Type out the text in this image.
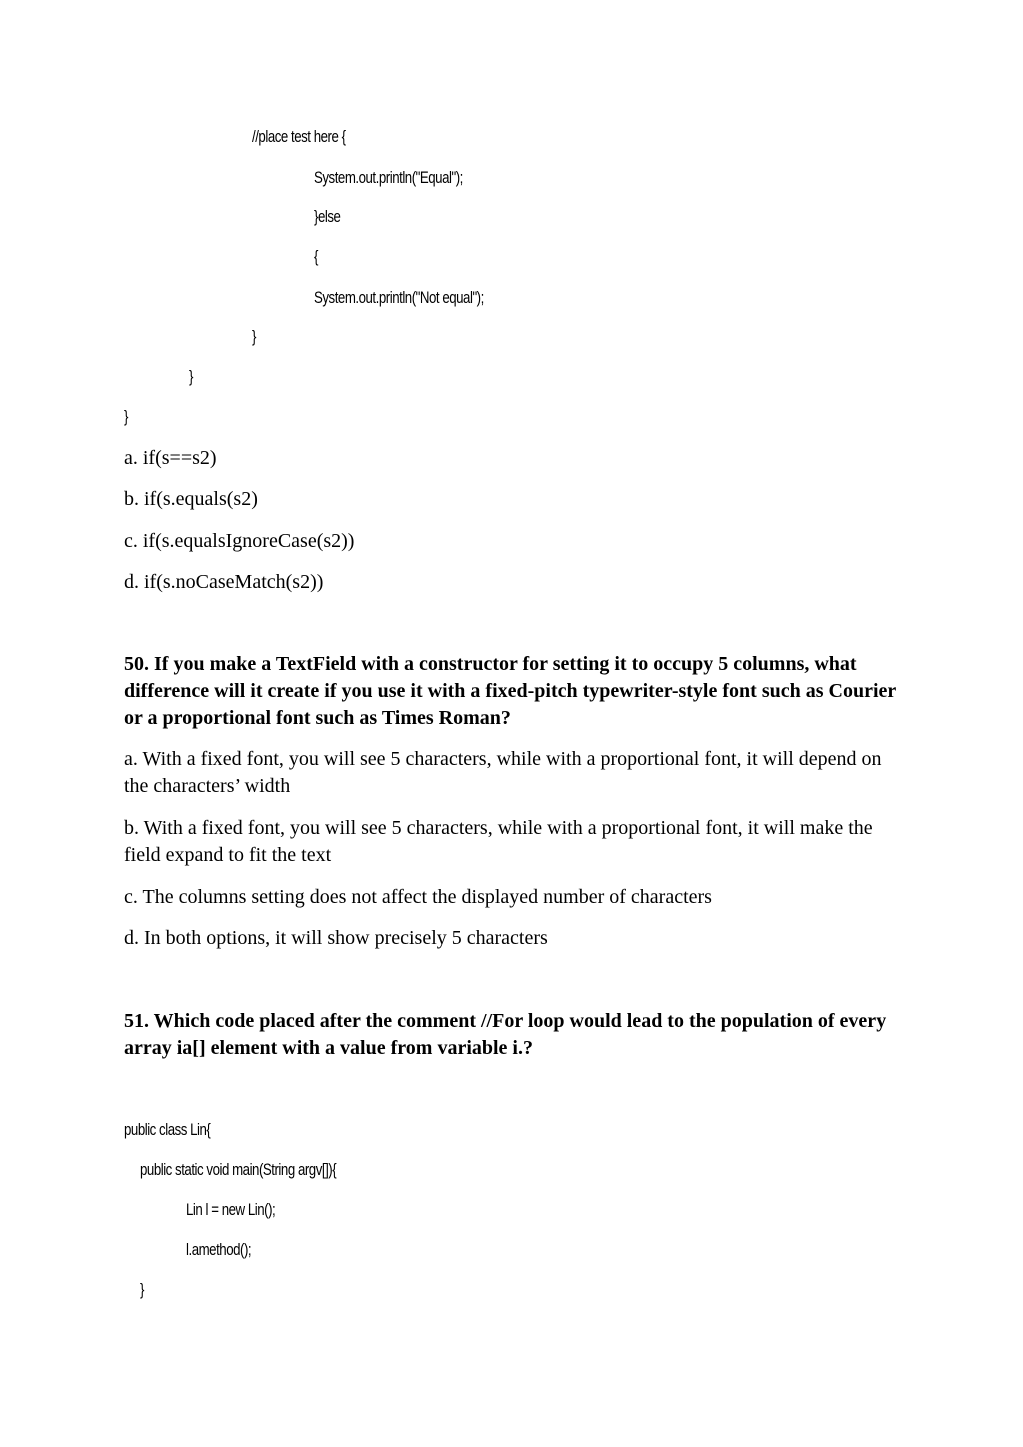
//place test here {
System.out.println("Equal");
}else
{
System.out.println("Not equal");
}
}
}
a. if(s==s2)
b. if(s.equals(s2)
c. if(s.equalsIgnoreCase(s2))
d. if(s.noCaseMatch(s2))
50. If you make a TextField with a constructor for setting it to occupy 5 columns, what difference will it create if you use it with a fixed-pitch typewriter-style font such as Courier or a proportional font such as Times Roman?
a. With a fixed font, you will see 5 characters, while with a proportional font, it will depend on the characters’ width
b. With a fixed font, you will see 5 characters, while with a proportional font, it will make the field expand to fit the text
c. The columns setting does not affect the displayed number of characters
d. In both options, it will show precisely 5 characters
51. Which code placed after the comment //For loop would lead to the population of every array ia[] element with a value from variable i.?
public class Lin{
public static void main(String argv[]){
Lin l = new Lin();
l.amethod();
}
